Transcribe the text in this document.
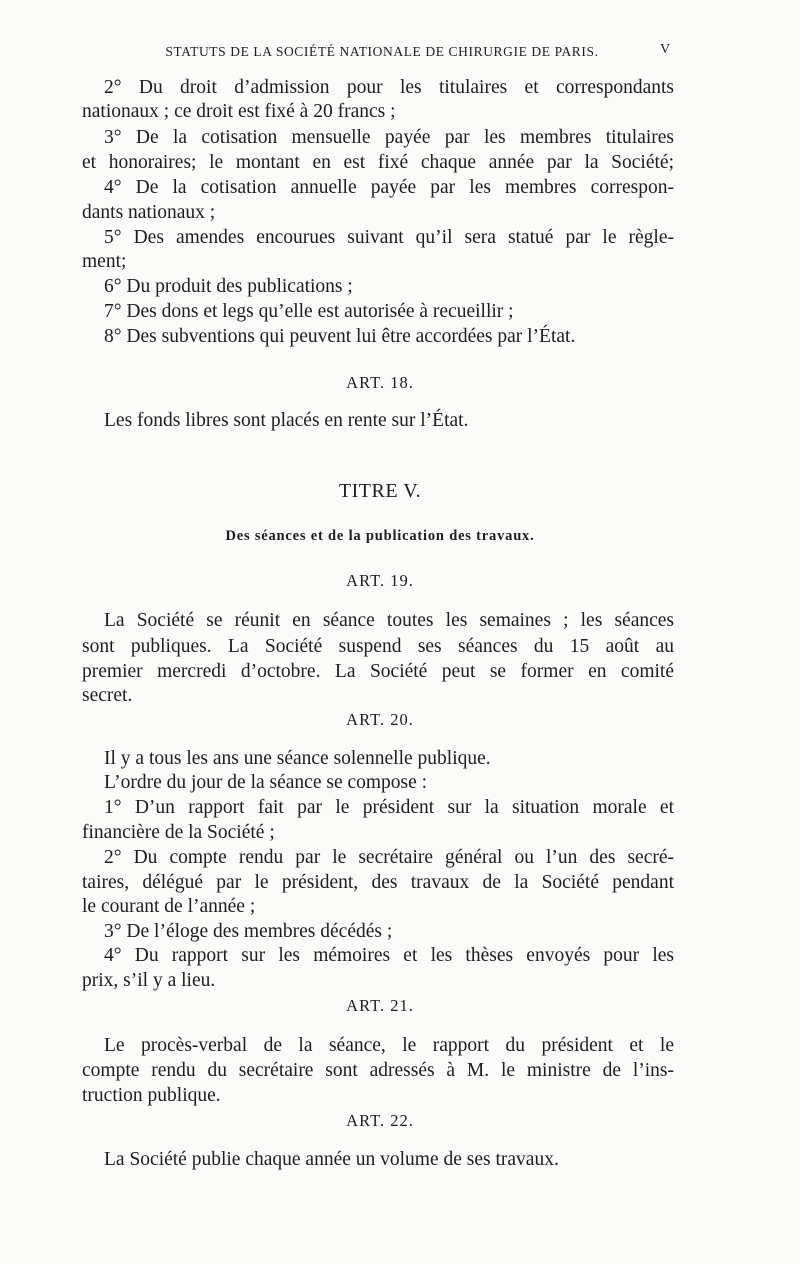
STATUTS DE LA SOCIÉTÉ NATIONALE DE CHIRURGIE DE PARIS.	V
2° Du droit d’admission pour les titulaires et correspondants
nationaux ; ce droit est fixé à 20 francs ;
3° De la cotisation mensuelle payée par les membres titulaires
et honoraires; le montant en est fixé chaque année par la Société;
4° De la cotisation annuelle payée par les membres correspon-
dants nationaux ;
5° Des amendes encourues suivant qu’il sera statué par le règle-
ment;
6° Du produit des publications ;
7° Des dons et legs qu’elle est autorisée à recueillir ;
8° Des subventions qui peuvent lui être accordées par l’État.
ART. 18.
Les fonds libres sont placés en rente sur l’État.
TITRE V.
Des séances et de la publication des travaux.
ART. 19.
La Société se réunit en séance toutes les semaines ; les séances
sont publiques. La Société suspend ses séances du 15 août au
premier mercredi d’octobre. La Société peut se former en comité
secret.
ART. 20.
Il y a tous les ans une séance solennelle publique.
L’ordre du jour de la séance se compose :
1° D’un rapport fait par le président sur la situation morale et
financière de la Société ;
2° Du compte rendu par le secrétaire général ou l’un des secré-
taires, délégué par le président, des travaux de la Société pendant
le courant de l’année ;
3° De l’éloge des membres décédés ;
4° Du rapport sur les mémoires et les thèses envoyés pour les
prix, s’il y a lieu.
ART. 21.
Le procès-verbal de la séance, le rapport du président et le
compte rendu du secrétaire sont adressés à M. le ministre de l’ins-
truction publique.
ART. 22.
La Société publie chaque année un volume de ses travaux.
